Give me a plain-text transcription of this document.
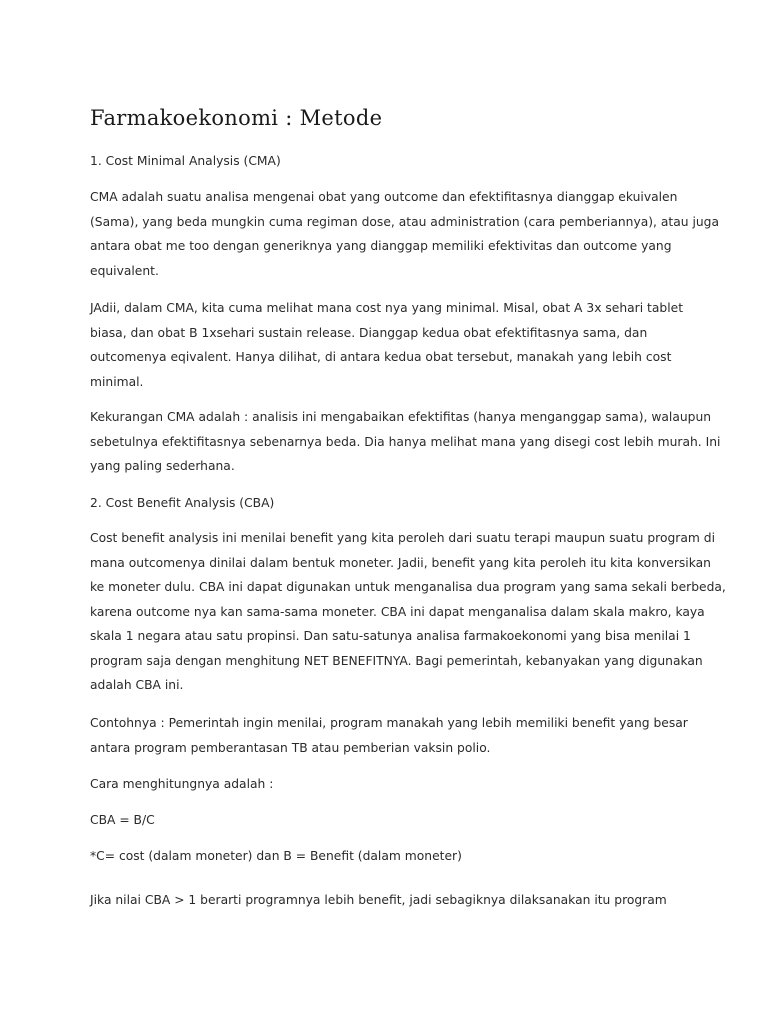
Farmakoekonomi : Metode

1. Cost Minimal Analysis (CMA)

CMA adalah suatu analisa mengenai obat yang outcome dan efektifitasnya dianggap ekuivalen
(Sama), yang beda mungkin cuma regiman dose, atau administration (cara pemberiannya), atau juga
antara obat me too dengan generiknya yang dianggap memiliki efektivitas dan outcome yang
equivalent.

JAdii, dalam CMA, kita cuma melihat mana cost nya yang minimal. Misal, obat A 3x sehari tablet
biasa, dan obat B 1xsehari sustain release. Dianggap kedua obat efektifitasnya sama, dan
outcomenya eqivalent. Hanya dilihat, di antara kedua obat tersebut, manakah yang lebih cost
minimal.

Kekurangan CMA adalah : analisis ini mengabaikan efektifitas (hanya menganggap sama), walaupun
sebetulnya efektifitasnya sebenarnya beda. Dia hanya melihat mana yang disegi cost lebih murah. Ini
yang paling sederhana.

2. Cost Benefit Analysis (CBA)

Cost benefit analysis ini menilai benefit yang kita peroleh dari suatu terapi maupun suatu program di
mana outcomenya dinilai dalam bentuk moneter. Jadii, benefit yang kita peroleh itu kita konversikan
ke moneter dulu. CBA ini dapat digunakan untuk menganalisa dua program yang sama sekali berbeda,
karena outcome nya kan sama-sama moneter. CBA ini dapat menganalisa dalam skala makro, kaya
skala 1 negara atau satu propinsi. Dan satu-satunya analisa farmakoekonomi yang bisa menilai 1
program saja dengan menghitung NET BENEFITNYA. Bagi pemerintah, kebanyakan yang digunakan
adalah CBA ini.

Contohnya : Pemerintah ingin menilai, program manakah yang lebih memiliki benefit yang besar
antara program pemberantasan TB atau pemberian vaksin polio.

Cara menghitungnya adalah :

CBA = B/C

*C= cost (dalam moneter) dan B = Benefit (dalam moneter)

Jika nilai CBA > 1 berarti programnya lebih benefit, jadi sebagiknya dilaksanakan itu program
